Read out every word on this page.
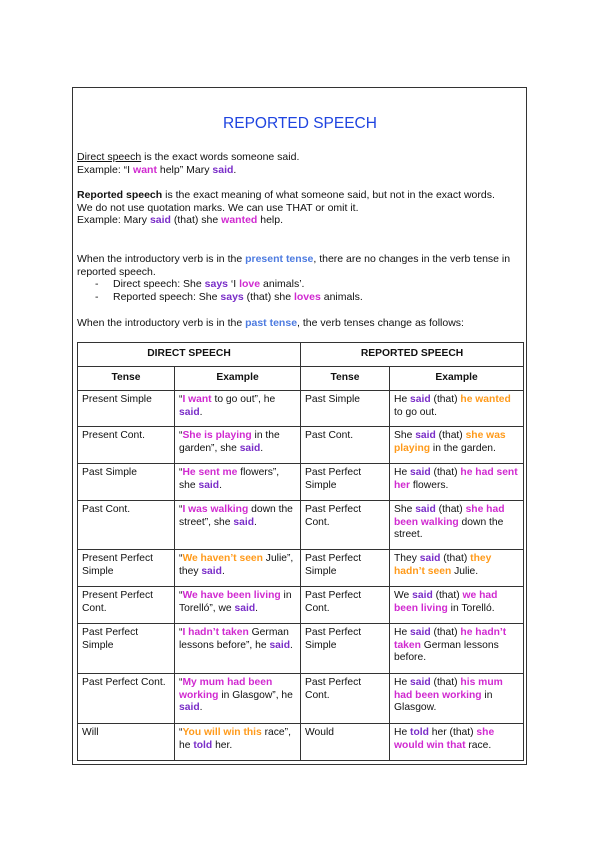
REPORTED SPEECH
Direct speech is the exact words someone said.
Example: “I want help” Mary said.
Reported speech is the exact meaning of what someone said, but not in the exact words.
We do not use quotation marks. We can use THAT or omit it.
Example: Mary said (that) she wanted help.
When the introductory verb is in the present tense, there are no changes in the verb tense in reported speech.
- Direct speech: She says ‘I love animals’.
- Reported speech: She says (that) she loves animals.
When the introductory verb is in the past tense, the verb tenses change as follows:
DIRECT SPEECH		REPORTED SPEECH	
Tense	Example	Tense	Example
Present Simple	“I want to go out”, he said.	Past Simple	He said (that) he wanted to go out.
Present Cont.	“She is playing in the garden”, she said.	Past Cont.	She said (that) she was playing in the garden.
Past Simple	“He sent me flowers”, she said.	Past Perfect Simple	He said (that) he had sent her flowers.
Past Cont.	“I was walking down the street”, she said.	Past Perfect Cont.	She said (that) she had been walking down the street.
Present Perfect Simple	“We haven’t seen Julie”, they said.	Past Perfect Simple	They said (that) they hadn’t seen Julie.
Present Perfect Cont.	“We have been living in Torelló”, we said.	Past Perfect Cont.	We said (that) we had been living in Torelló.
Past Perfect Simple	“I hadn’t taken German lessons before”, he said.	Past Perfect Simple	He said (that) he hadn’t taken German lessons before.
Past Perfect Cont.	“My mum had been working in Glasgow”, he said.	Past Perfect Cont.	He said (that) his mum had been working in Glasgow.
Will	“You will win this race”, he told her.	Would	He told her (that) she would win that race.
